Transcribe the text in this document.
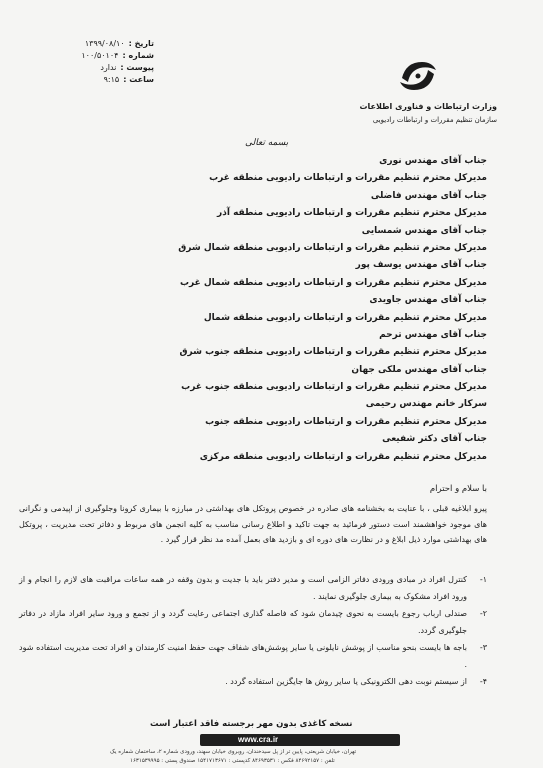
تاریخ :
۱۳۹۹/۰۸/۱۰
شماره :
۱۰۰/۵۰۱۰۴
پیوست :
ندارد
ساعت :
۹:۱۵
وزارت ارتباطات و فناوری اطلاعات
سازمان تنظیم مقررات و ارتباطات رادیویی
بسمه تعالی
جناب آقای مهندس نوری
مدیرکل محترم تنظیم مقررات و ارتباطات رادیویی منطقه غرب
جناب آقای مهندس فاضلی
مدیرکل محترم تنظیم مقررات و ارتباطات رادیویی منطقه آذر
جناب آقای مهندس شمسایی
مدیرکل محترم تنظیم مقررات و ارتباطات رادیویی منطقه شمال شرق
جناب آقای مهندس یوسف پور
مدیرکل محترم تنظیم مقررات و ارتباطات رادیویی منطقه شمال غرب
جناب آقای مهندس جاویدی
مدیرکل محترم تنظیم مقررات و ارتباطات رادیویی منطقه شمال
جناب آقای مهندس ترحم
مدیرکل محترم تنظیم مقررات و ارتباطات رادیویی منطقه جنوب شرق
جناب آقای مهندس ملکی جهان
مدیرکل محترم تنظیم مقررات و ارتباطات رادیویی منطقه جنوب غرب
سرکار خانم مهندس رحیمی
مدیرکل محترم تنظیم مقررات و ارتباطات رادیویی منطقه جنوب
جناب آقای دکتر شفیعی
مدیرکل محترم تنظیم مقررات و ارتباطات رادیویی منطقه مرکزی
با سلام و احترام

پیرو ابلاغیه قبلی ، با عنایت به بخشنامه های صادره در خصوص پروتکل های بهداشتی در مبارزه با بیماری کرونا وجلوگیری از اپیدمی و نگرانی های موجود خواهشمند است دستور فرمائید به جهت تاکید و اطلاع رسانی مناسب به کلیه انجمن های مربوط و دفاتر تحت مدیریت ، پروتکل های بهداشتی موارد ذیل ابلاغ و در نظارت های دوره ای و بازدید های بعمل آمده مد نظر قرار گیرد .

۱-
کنترل افراد در مبادی ورودی دفاتر الزامی است و مدیر دفتر باید با جدیت و بدون وقفه در همه ساعات مراقبت های لازم را انجام و از ورود افراد مشکوک به بیماری جلوگیری نمایند .
۲-
صندلی ارباب رجوع بایست به نحوی چیدمان شود که فاصله گذاری اجتماعی رعایت گردد و از تجمع و ورود سایر افراد مازاد در دفاتر جلوگیری گردد.
۳-
باجه ها بایست بنحو مناسب از پوشش نایلونی یا سایر پوشش‌های شفاف جهت حفظ امنیت کارمندان و افراد تحت مدیریت استفاده شود .
۴-
از سیستم نوبت دهی الکترونیکی یا سایر روش ها جایگزین استفاده گردد .
نسخه کاغذی بدون مهر برجسته فاقد اعتبار است
www.cra.ir
تهران، خیابان شریعتی، پایین تر از پل سیدخندان، روبروی خیابان سهند، ورودی شماره ۲، ساختمان شماره یک
تلفن : ۸۴۶۹۲۱۵۷ فکس : ۸۴۶۹۳۵۳۱ کدپستی : ۱۵۴۱۷۱۳۶۷۱ صندوق پستی : ۱۶۳۱۵۳۹۹۹۵
